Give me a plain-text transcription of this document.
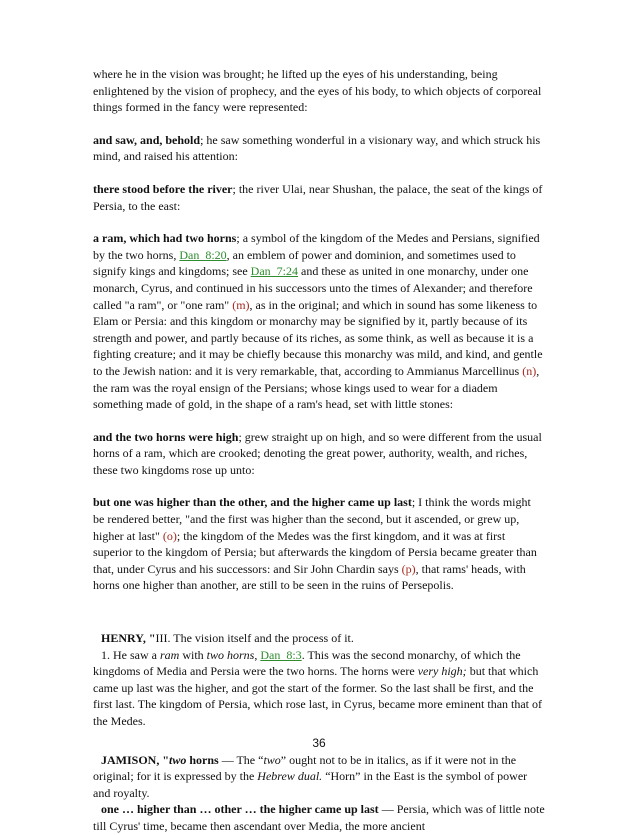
where he in the vision was brought; he lifted up the eyes of his understanding, being enlightened by the vision of prophecy, and the eyes of his body, to which objects of corporeal things formed in the fancy were represented:

and saw, and, behold; he saw something wonderful in a visionary way, and which struck his mind, and raised his attention:

there stood before the river; the river Ulai, near Shushan, the palace, the seat of the kings of Persia, to the east:

a ram, which had two horns; a symbol of the kingdom of the Medes and Persians, signified by the two horns, Dan_8:20, an emblem of power and dominion, and sometimes used to signify kings and kingdoms; see Dan_7:24 and these as united in one monarchy, under one monarch, Cyrus, and continued in his successors unto the times of Alexander; and therefore called "a ram", or "one ram" (m), as in the original; and which in sound has some likeness to Elam or Persia: and this kingdom or monarchy may be signified by it, partly because of its strength and power, and partly because of its riches, as some think, as well as because it is a fighting creature; and it may be chiefly because this monarchy was mild, and kind, and gentle to the Jewish nation: and it is very remarkable, that, according to Ammianus Marcellinus (n), the ram was the royal ensign of the Persians; whose kings used to wear for a diadem something made of gold, in the shape of a ram's head, set with little stones:

and the two horns were high; grew straight up on high, and so were different from the usual horns of a ram, which are crooked; denoting the great power, authority, wealth, and riches, these two kingdoms rose up unto:

but one was higher than the other, and the higher came up last; I think the words might be rendered better, "and the first was higher than the second, but it ascended, or grew up, higher at last" (o); the kingdom of the Medes was the first kingdom, and it was at first superior to the kingdom of Persia; but afterwards the kingdom of Persia became greater than that, under Cyrus and his successors: and Sir John Chardin says (p), that rams' heads, with horns one higher than another, are still to be seen in the ruins of Persepolis.

HENRY, "III. The vision itself and the process of it.

1. He saw a ram with two horns, Dan_8:3. This was the second monarchy, of which the kingdoms of Media and Persia were the two horns. The horns were very high; but that which came up last was the higher, and got the start of the former. So the last shall be first, and the first last. The kingdom of Persia, which rose last, in Cyrus, became more eminent than that of the Medes.

JAMISON, "two horns — The “two” ought not to be in italics, as if it were not in the original; for it is expressed by the Hebrew dual. “Horn” in the East is the symbol of power and royalty.

one … higher than … other … the higher came up last — Persia, which was of little note till Cyrus' time, became then ascendant over Media, the more ancient

36
